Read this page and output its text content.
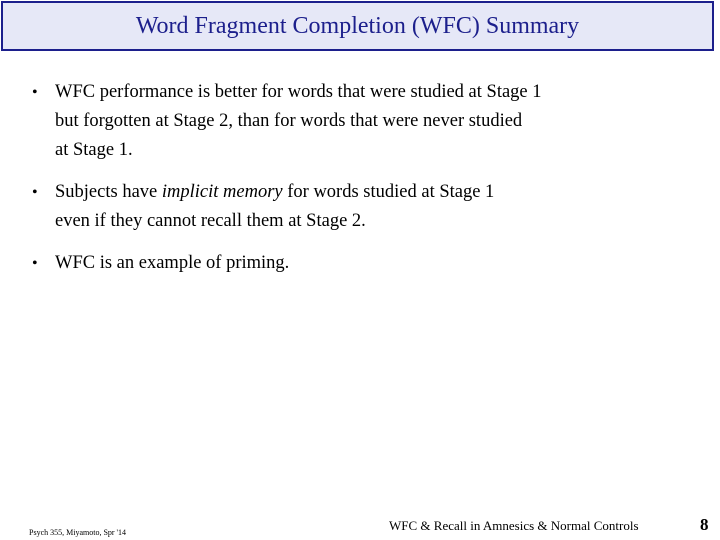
Word Fragment Completion (WFC) Summary
• WFC performance is better for words that were studied at Stage 1
but forgotten at Stage 2, than for words that were never studied
at Stage 1.
• Subjects have implicit memory for words studied at Stage 1
even if they cannot recall them at Stage 2.
• WFC is an example of priming.
Psych 355, Miyamoto, Spr '14	WFC & Recall in Amnesics & Normal Controls	8
